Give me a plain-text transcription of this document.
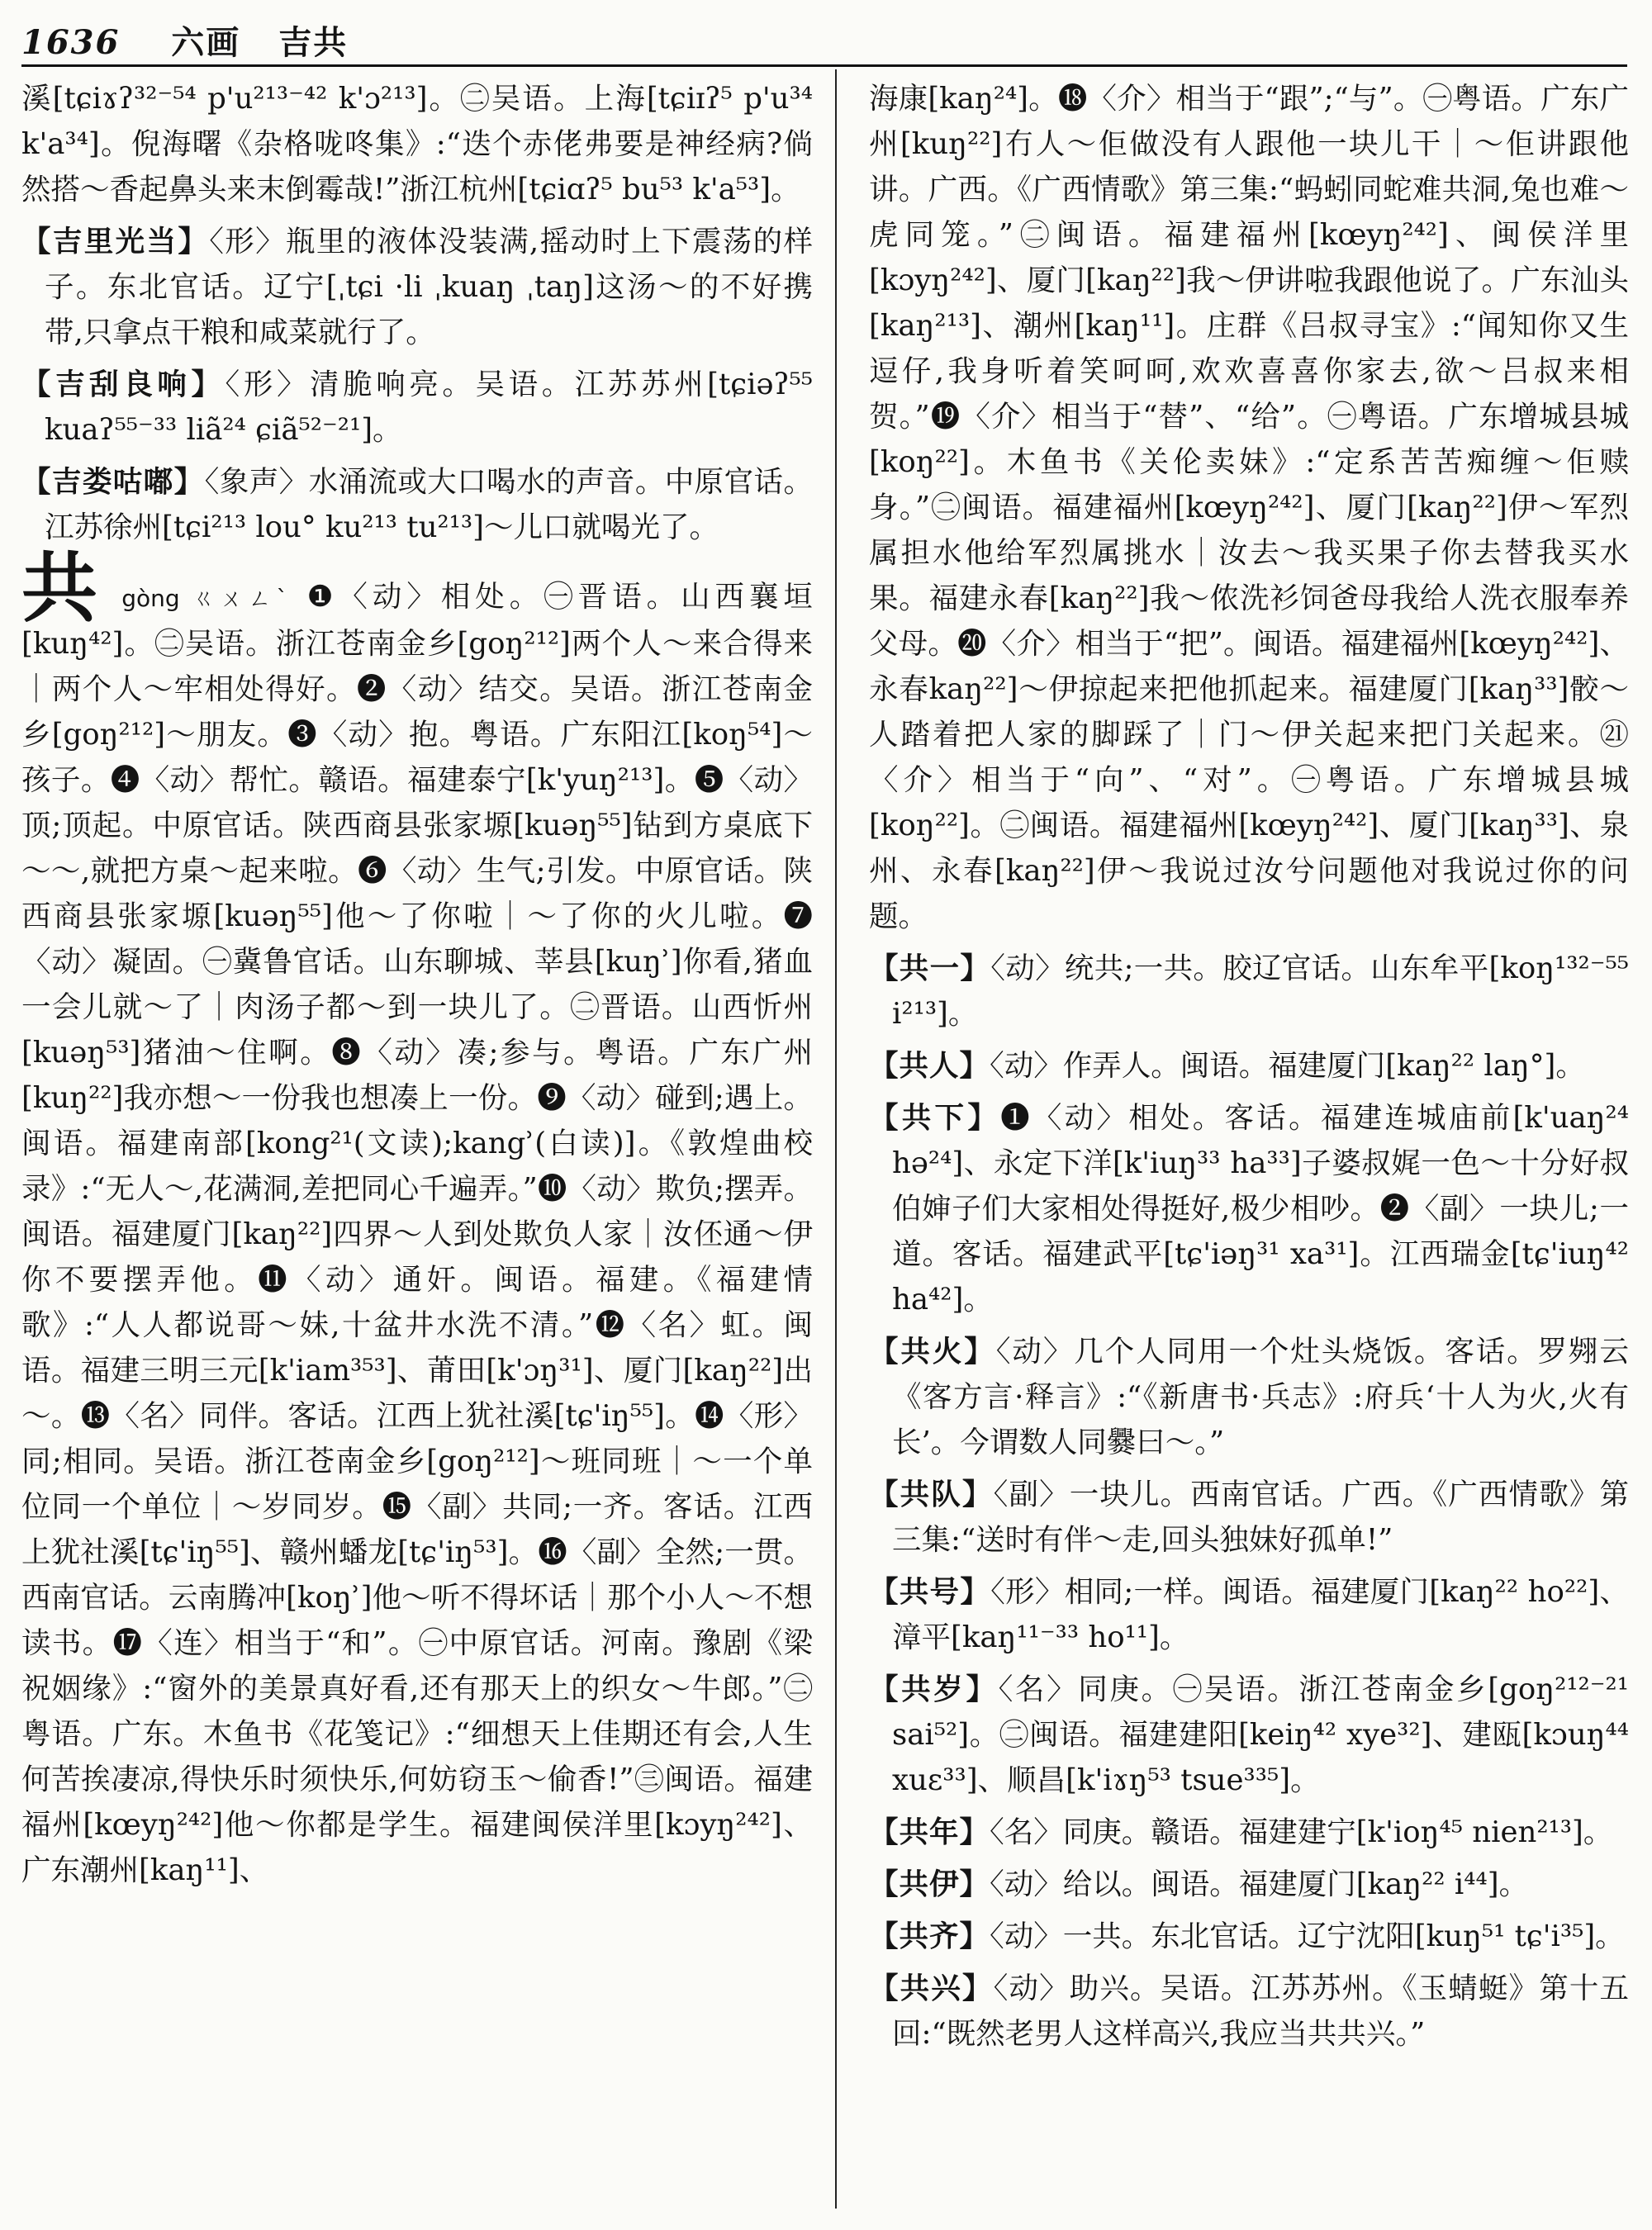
1636 六画 吉共

溪[tɕiɤʔ³²⁻⁵⁴ p'u²¹³⁻⁴² k'ɔ²¹³]。㊁吴语。上海[tɕiɪʔ⁵ p'u³⁴ k'a³⁴]。倪海曙《杂格咙咚集》:“迭个赤佬弗要是神经病?倘然搭～香起鼻头来末倒霉哉!”浙江杭州[tɕiɑʔ⁵ bu⁵³ k'a⁵³]。

【吉里光当】〈形〉瓶里的液体没装满,摇动时上下震荡的样子。东北官话。辽宁[ˌtɕi ·li ˌkuaŋ ˌtaŋ]这汤～的不好携带,只拿点干粮和咸菜就行了。

【吉刮良响】〈形〉清脆响亮。吴语。江苏苏州[tɕiəʔ⁵⁵ kuaʔ⁵⁵⁻³³ liã²⁴ ɕiã⁵²⁻²¹]。

【吉娄咕嘟】〈象声〉水涌流或大口喝水的声音。中原官话。江苏徐州[tɕi²¹³ lou° ku²¹³ tu²¹³]～儿口就喝光了。

共 gòng ㄍㄨㄥˋ ❶〈动〉相处。㊀晋语。山西襄垣[kuŋ⁴²]。㊁吴语。浙江苍南金乡[goŋ²¹²]两个人～来合得来｜两个人～牢相处得好。❷〈动〉结交。吴语。浙江苍南金乡[goŋ²¹²]～朋友。❸〈动〉抱。粤语。广东阳江[koŋ⁵⁴]～孩子。❹〈动〉帮忙。赣语。福建泰宁[k'yuŋ²¹³]。❺〈动〉顶;顶起。中原官话。陕西商县张家塬[kuəŋ⁵⁵]钻到方桌底下～～,就把方桌～起来啦。❻〈动〉生气;引发。中原官话。陕西商县张家塬[kuəŋ⁵⁵]他～了你啦｜～了你的火儿啦。❼〈动〉凝固。㊀冀鲁官话。山东聊城、莘县[kuŋʾ]你看,猪血一会儿就～了｜肉汤子都～到一块儿了。㊁晋语。山西忻州[kuəŋ⁵³]猪油～住啊。❽〈动〉凑;参与。粤语。广东广州[kuŋ²²]我亦想～一份我也想凑上一份。❾〈动〉碰到;遇上。闽语。福建南部[kong²¹(文读);kangʾ(白读)]。《敦煌曲校录》:“无人～,花满洞,差把同心千遍弄。”❿〈动〉欺负;摆弄。闽语。福建厦门[kaŋ²²]四界～人到处欺负人家｜汝伾通～伊你不要摆弄他。⓫〈动〉通奸。闽语。福建。《福建情歌》:“人人都说哥～妹,十盆井水洗不清。”⓬〈名〉虹。闽语。福建三明三元[k'iam³⁵³]、莆田[k'ɔŋ³¹]、厦门[kaŋ²²]出～。⓭〈名〉同伴。客话。江西上犹社溪[tɕ'iŋ⁵⁵]。⓮〈形〉同;相同。吴语。浙江苍南金乡[goŋ²¹²]～班同班｜～一个单位同一个单位｜～岁同岁。⓯〈副〉共同;一齐。客话。江西上犹社溪[tɕ'iŋ⁵⁵]、赣州蟠龙[tɕ'iŋ⁵³]。⓰〈副〉全然;一贯。西南官话。云南腾冲[koŋʾ]他～听不得坏话｜那个小人～不想读书。⓱〈连〉相当于“和”。㊀中原官话。河南。豫剧《梁祝姻缘》:“窗外的美景真好看,还有那天上的织女～牛郎。”㊁粤语。广东。木鱼书《花笺记》:“细想天上佳期还有会,人生何苦挨凄凉,得快乐时须快乐,何妨窃玉～偷香!”㊂闽语。福建福州[kœyŋ²⁴²]他～你都是学生。福建闽侯洋里[kɔyŋ²⁴²]、广东潮州[kaŋ¹¹]、

海康[kaŋ²⁴]。⓲〈介〉相当于“跟”;“与”。㊀粤语。广东广州[kuŋ²²]冇人～佢做没有人跟他一块儿干｜～佢讲跟他讲。广西。《广西情歌》第三集:“蚂蚓同蛇难共洞,兔也难～虎同笼。”㊁闽语。福建福州[kœyŋ²⁴²]、闽侯洋里[kɔyŋ²⁴²]、厦门[kaŋ²²]我～伊讲啦我跟他说了。广东汕头[kaŋ²¹³]、潮州[kaŋ¹¹]。庄群《吕叔寻宝》:“闻知你又生逗仔,我身听着笑呵呵,欢欢喜喜你家去,欲～吕叔来相贺。”⓳〈介〉相当于“替”、“给”。㊀粤语。广东增城县城[koŋ²²]。木鱼书《关伦卖妹》:“定系苦苦痴缠～佢赎身。”㊁闽语。福建福州[kœyŋ²⁴²]、厦门[kaŋ²²]伊～军烈属担水他给军烈属挑水｜汝去～我买果子你去替我买水果。福建永春[kaŋ²²]我～侬洗衫饲爸母我给人洗衣服奉养父母。⓴〈介〉相当于“把”。闽语。福建福州[kœyŋ²⁴²]、永春kaŋ²²]～伊掠起来把他抓起来。福建厦门[kaŋ³³]骹～人踏着把人家的脚踩了｜门～伊关起来把门关起来。㉑〈介〉相当于“向”、“对”。㊀粤语。广东增城县城[koŋ²²]。㊁闽语。福建福州[kœyŋ²⁴²]、厦门[kaŋ³³]、泉州、永春[kaŋ²²]伊～我说过汝兮问题他对我说过你的问题。

【共一】〈动〉统共;一共。胶辽官话。山东牟平[koŋ¹³²⁻⁵⁵ i²¹³]。

【共人】〈动〉作弄人。闽语。福建厦门[kaŋ²² laŋ°]。

【共下】❶〈动〉相处。客话。福建连城庙前[k'uaŋ²⁴ hə²⁴]、永定下洋[k'iuŋ³³ ha³³]子婆叔娓一色～十分好叔伯婶子们大家相处得挺好,极少相吵。❷〈副〉一块儿;一道。客话。福建武平[tɕ'iəŋ³¹ xa³¹]。江西瑞金[tɕ'iuŋ⁴² ha⁴²]。

【共火】〈动〉几个人同用一个灶头烧饭。客话。罗翙云《客方言·释言》:“《新唐书·兵志》:府兵‘十人为火,火有长’。今谓数人同爨曰～。”

【共队】〈副〉一块儿。西南官话。广西。《广西情歌》第三集:“送时有伴～走,回头独妹好孤单!”

【共号】〈形〉相同;一样。闽语。福建厦门[kaŋ²² ho²²]、漳平[kaŋ¹¹⁻³³ ho¹¹]。

【共岁】〈名〉同庚。㊀吴语。浙江苍南金乡[goŋ²¹²⁻²¹ sai⁵²]。㊁闽语。福建建阳[keiŋ⁴² xye³²]、建瓯[kɔuŋ⁴⁴ xuɛ³³]、顺昌[k'iɤŋ⁵³ tsue³³⁵]。

【共年】〈名〉同庚。赣语。福建建宁[k'ioŋ⁴⁵ nien²¹³]。

【共伊】〈动〉给以。闽语。福建厦门[kaŋ²² i⁴⁴]。

【共齐】〈动〉一共。东北官话。辽宁沈阳[kuŋ⁵¹ tɕ'i³⁵]。

【共兴】〈动〉助兴。吴语。江苏苏州。《玉蜻蜓》第十五回:“既然老男人这样高兴,我应当共共兴。”
